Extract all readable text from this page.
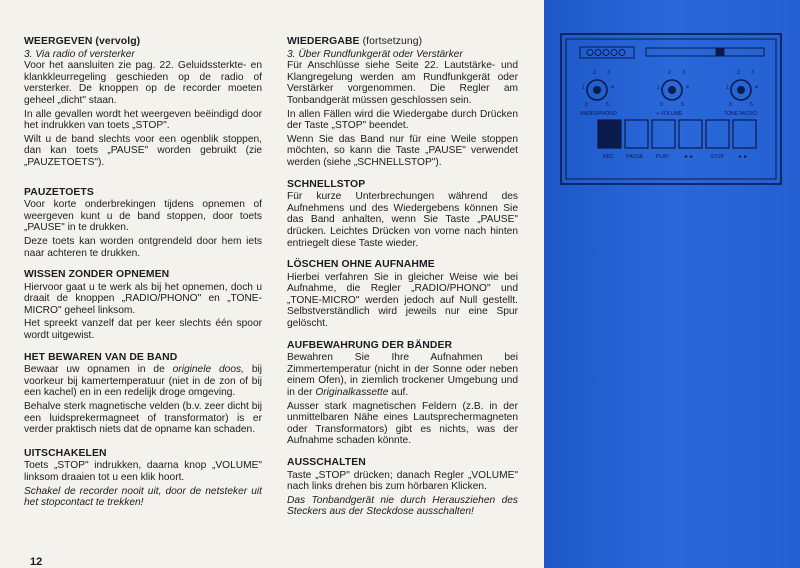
WEERGEVEN (vervolg)
3. Via radio of versterker

Voor het aansluiten zie pag. 22. Geluidssterkte- en klankkleurregeling geschieden op de radio of versterker. De knoppen op de recorder moeten geheel „dicht" staan.

In alle gevallen wordt het weergeven beëindigd door het indrukken van toets „STOP".

Wilt u de band slechts voor een ogenblik stoppen, dan kan toets „PAUSE" worden gebruikt (zie „PAUZETOETS").

PAUZETOETS

Voor korte onderbrekingen tijdens opnemen of weergeven kunt u de band stoppen, door toets „PAUSE" in te drukken.

Deze toets kan worden ontgrendeld door hem iets naar achteren te drukken.

WISSEN ZONDER OPNEMEN

Hiervoor gaat u te werk als bij het opnemen, doch u draait de knoppen „RADIO/PHONO" en „TONE-MICRO" geheel linksom.

Het spreekt vanzelf dat per keer slechts één spoor wordt uitgewist.

HET BEWAREN VAN DE BAND

Bewaar uw opnamen in de originele doos, bij voorkeur bij kamertemperatuur (niet in de zon of bij een kachel) en in een redelijk droge omgeving.

Behalve sterk magnetische velden (b.v. zeer dicht bij een luidsprekermagneet of transformator) is er verder praktisch niets dat de opname kan schaden.

UITSCHAKELEN

Toets „STOP" indrukken, daarna knop „VOLUME" linksom draaien tot u een klik hoort.

Schakel de recorder nooit uit, door de netsteker uit het stopcontact te trekken!

WIEDERGABE (fortsetzung)
3. Über Rundfunkgerät oder Verstärker

Für Anschlüsse siehe Seite 22. Lautstärke- und Klangregelung werden am Rundfunkgerät oder Verstärker vorgenommen. Die Regler am Tonbandgerät müssen geschlossen sein.

In allen Fällen wird die Wiedergabe durch Drücken der Taste „STOP" beendet.

Wenn Sie das Band nur für eine Weile stoppen möchten, so kann die Taste „PAUSE" verwendet werden (siehe „SCHNELLSTOP").

SCHNELLSTOP

Für kurze Unterbrechungen während des Aufnehmens und des Wiedergebens können Sie das Band anhalten, wenn Sie Taste „PAUSE" drücken. Leichtes Drücken von vorne nach hinten entriegelt diese Taste wieder.

LÖSCHEN OHNE AUFNAHME

Hierbei verfahren Sie in gleicher Weise wie bei Aufnahme, die Regler „RADIO/PHONO" und „TONE-MICRO" werden jedoch auf Null gestellt. Selbstverständlich wird jeweils nur eine Spur gelöscht.

AUFBEWAHRUNG DER BÄNDER

Bewahren Sie Ihre Aufnahmen bei Zimmertemperatur (nicht in der Sonne oder neben einem Ofen), in ziemlich trockener Umgebung und in der Originalkassette auf.

Ausser stark magnetischen Feldern (z.B. in der unmittelbaren Nähe eines Lautsprechermagneten oder Transformators) gibt es nichts, was der Aufnahme schaden könnte.

AUSSCHALTEN

Taste „STOP" drücken; danach Regler „VOLUME" nach links drehen bis zum hörbaren Klicken.

Das Tonbandgerät nie durch Herausziehen des Steckers aus der Steckdose ausschalten!

12
2 3
1	4
0	5
2 3
1	4
0	5
2 3
1	4
0	5
RADIO/PHONO	+ VOLUME	TONE MICRO
REC PAUSE PLAY	◄◄	STOP	►►
